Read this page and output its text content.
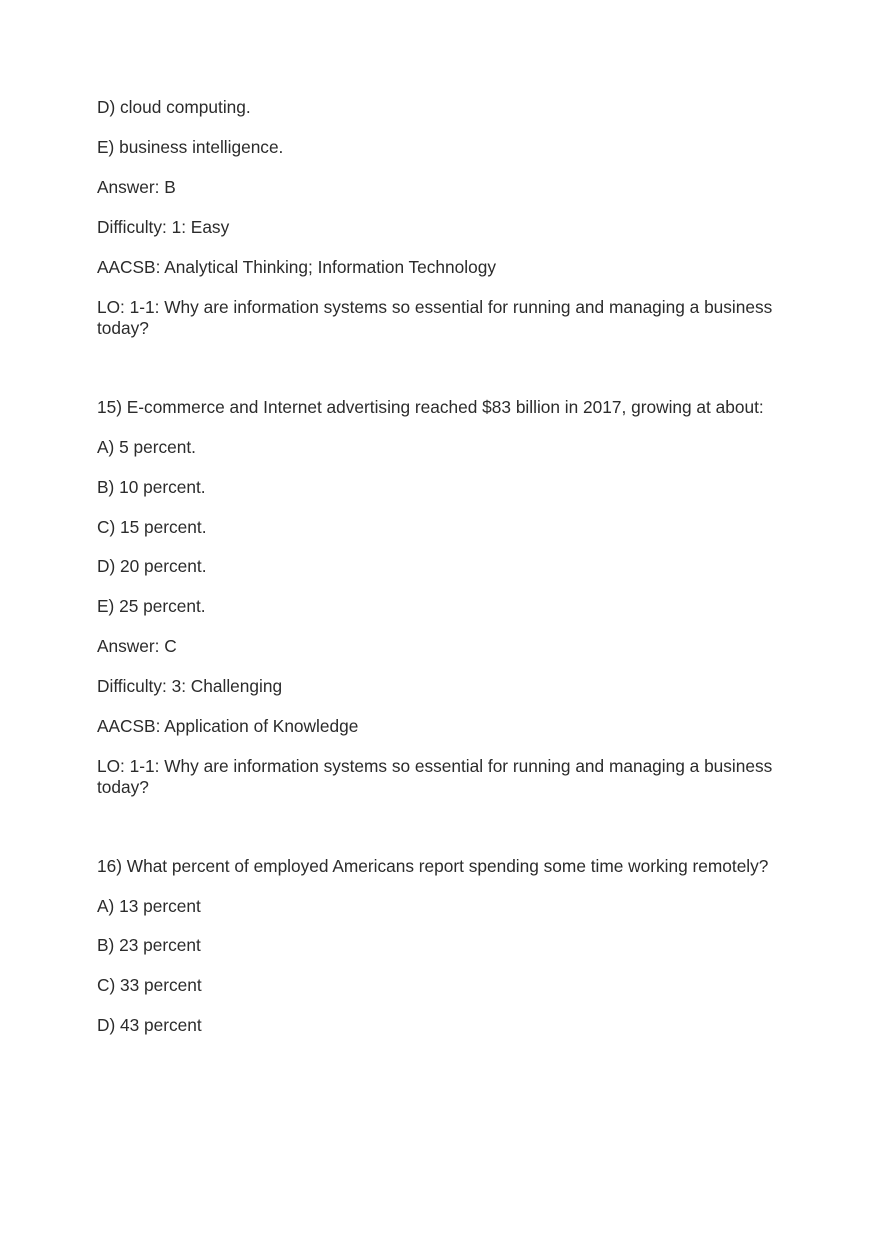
D) cloud computing.

E) business intelligence.

Answer: B

Difficulty: 1: Easy

AACSB: Analytical Thinking; Information Technology

LO: 1-1: Why are information systems so essential for running and managing a business today?

15) E-commerce and Internet advertising reached $83 billion in 2017, growing at about:

A) 5 percent.

B) 10 percent.

C) 15 percent.

D) 20 percent.

E) 25 percent.

Answer: C

Difficulty: 3: Challenging

AACSB: Application of Knowledge

LO: 1-1: Why are information systems so essential for running and managing a business today?

16) What percent of employed Americans report spending some time working remotely?

A) 13 percent

B) 23 percent

C) 33 percent

D) 43 percent
